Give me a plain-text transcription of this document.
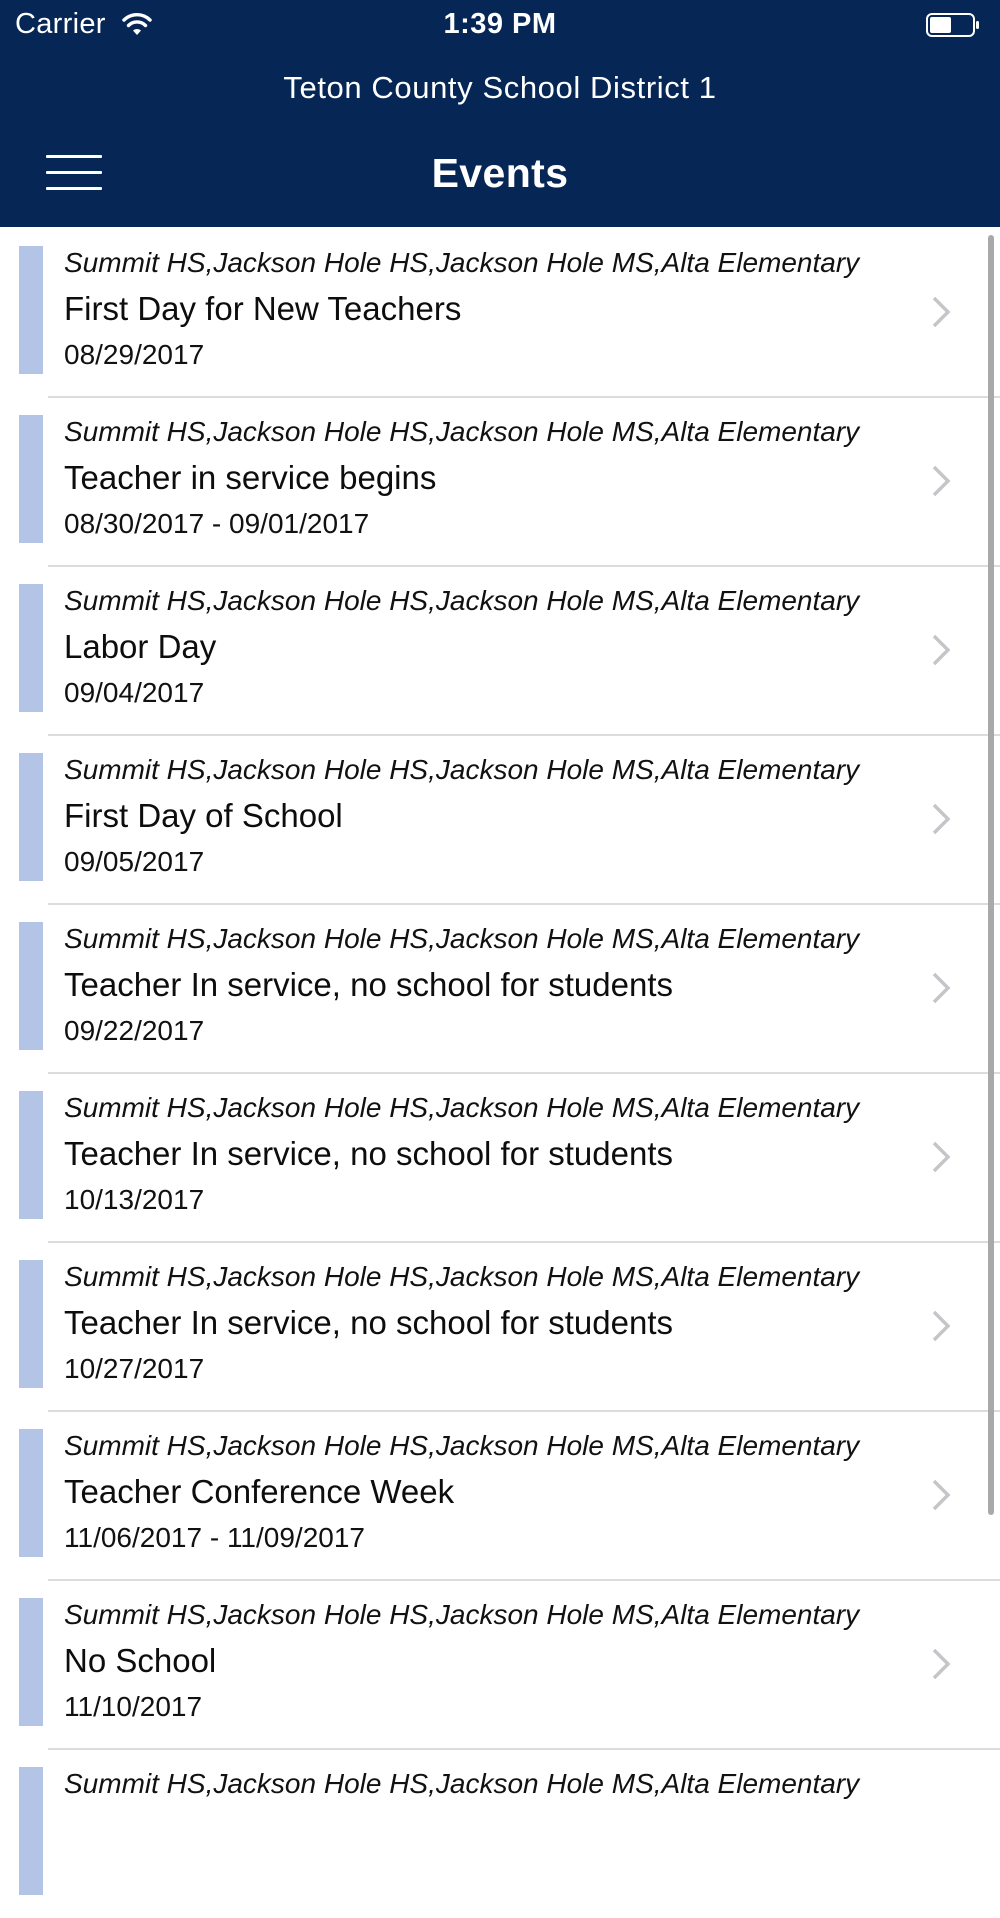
Carrier	1:39 PM
Teton County School District 1
Events
Summit HS,Jackson Hole HS,Jackson Hole MS,Alta Elementary
First Day for New Teachers
08/29/2017
Summit HS,Jackson Hole HS,Jackson Hole MS,Alta Elementary
Teacher in service begins
08/30/2017 - 09/01/2017
Summit HS,Jackson Hole HS,Jackson Hole MS,Alta Elementary
Labor Day
09/04/2017
Summit HS,Jackson Hole HS,Jackson Hole MS,Alta Elementary
First Day of School
09/05/2017
Summit HS,Jackson Hole HS,Jackson Hole MS,Alta Elementary
Teacher In service, no school for students
09/22/2017
Summit HS,Jackson Hole HS,Jackson Hole MS,Alta Elementary
Teacher In service, no school for students
10/13/2017
Summit HS,Jackson Hole HS,Jackson Hole MS,Alta Elementary
Teacher In service, no school for students
10/27/2017
Summit HS,Jackson Hole HS,Jackson Hole MS,Alta Elementary
Teacher Conference Week
11/06/2017 - 11/09/2017
Summit HS,Jackson Hole HS,Jackson Hole MS,Alta Elementary
No School
11/10/2017
Summit HS,Jackson Hole HS,Jackson Hole MS,Alta Elementary
